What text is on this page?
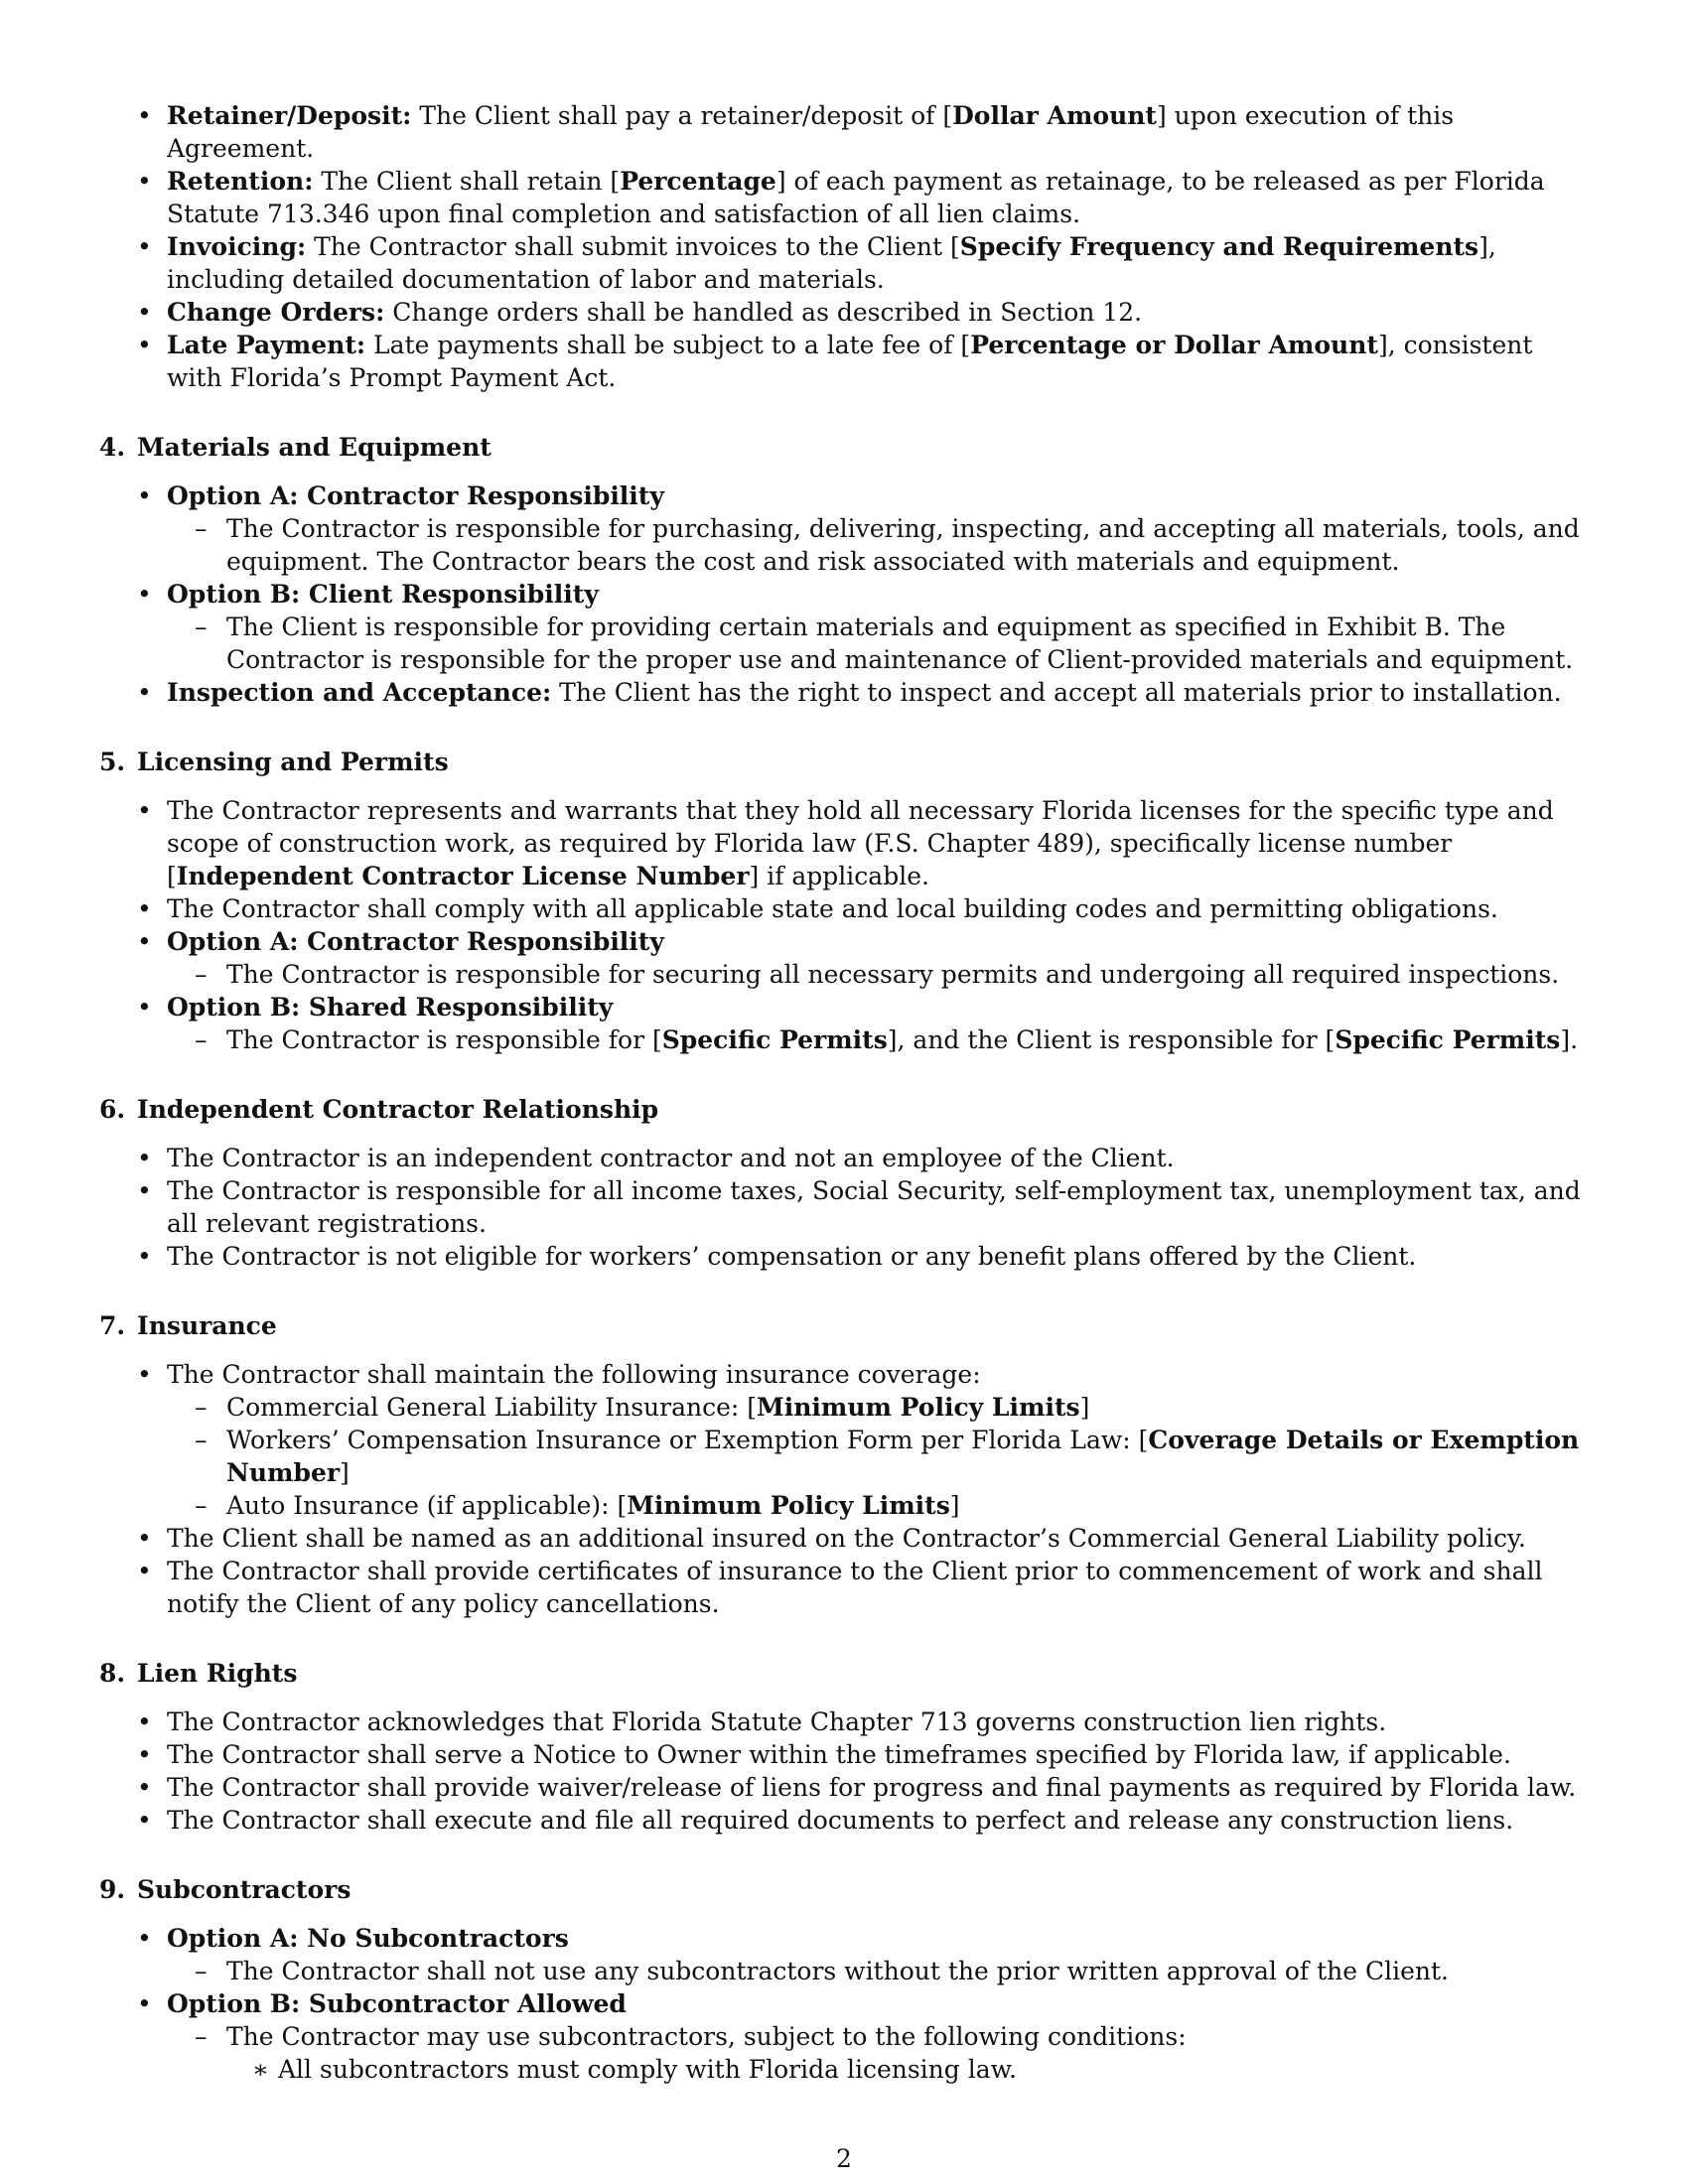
• Retainer/Deposit: The Client shall pay a retainer/deposit of [Dollar Amount] upon execution of this Agreement.
• Retention: The Client shall retain [Percentage] of each payment as retainage, to be released as per Florida Statute 713.346 upon final completion and satisfaction of all lien claims.
• Invoicing: The Contractor shall submit invoices to the Client [Specify Frequency and Requirements], including detailed documentation of labor and materials.
• Change Orders: Change orders shall be handled as described in Section 12.
• Late Payment: Late payments shall be subject to a late fee of [Percentage or Dollar Amount], consistent with Florida’s Prompt Payment Act.
4. Materials and Equipment
• Option A: Contractor Responsibility
– The Contractor is responsible for purchasing, delivering, inspecting, and accepting all materials, tools, and equipment. The Contractor bears the cost and risk associated with materials and equipment.
• Option B: Client Responsibility
– The Client is responsible for providing certain materials and equipment as specified in Exhibit B. The Contractor is responsible for the proper use and maintenance of Client-provided materials and equipment.
• Inspection and Acceptance: The Client has the right to inspect and accept all materials prior to installation.
5. Licensing and Permits
• The Contractor represents and warrants that they hold all necessary Florida licenses for the specific type and scope of construction work, as required by Florida law (F.S. Chapter 489), specifically license number [Independent Contractor License Number] if applicable.
• The Contractor shall comply with all applicable state and local building codes and permitting obligations.
• Option A: Contractor Responsibility
– The Contractor is responsible for securing all necessary permits and undergoing all required inspections.
• Option B: Shared Responsibility
– The Contractor is responsible for [Specific Permits], and the Client is responsible for [Specific Permits].
6. Independent Contractor Relationship
• The Contractor is an independent contractor and not an employee of the Client.
• The Contractor is responsible for all income taxes, Social Security, self-employment tax, unemployment tax, and all relevant registrations.
• The Contractor is not eligible for workers’ compensation or any benefit plans offered by the Client.
7. Insurance
• The Contractor shall maintain the following insurance coverage:
– Commercial General Liability Insurance: [Minimum Policy Limits]
– Workers’ Compensation Insurance or Exemption Form per Florida Law: [Coverage Details or Exemption Number]
– Auto Insurance (if applicable): [Minimum Policy Limits]
• The Client shall be named as an additional insured on the Contractor’s Commercial General Liability policy.
• The Contractor shall provide certificates of insurance to the Client prior to commencement of work and shall notify the Client of any policy cancellations.
8. Lien Rights
• The Contractor acknowledges that Florida Statute Chapter 713 governs construction lien rights.
• The Contractor shall serve a Notice to Owner within the timeframes specified by Florida law, if applicable.
• The Contractor shall provide waiver/release of liens for progress and final payments as required by Florida law.
• The Contractor shall execute and file all required documents to perfect and release any construction liens.
9. Subcontractors
• Option A: No Subcontractors
– The Contractor shall not use any subcontractors without the prior written approval of the Client.
• Option B: Subcontractor Allowed
– The Contractor may use subcontractors, subject to the following conditions:
∗ All subcontractors must comply with Florida licensing law.
2
